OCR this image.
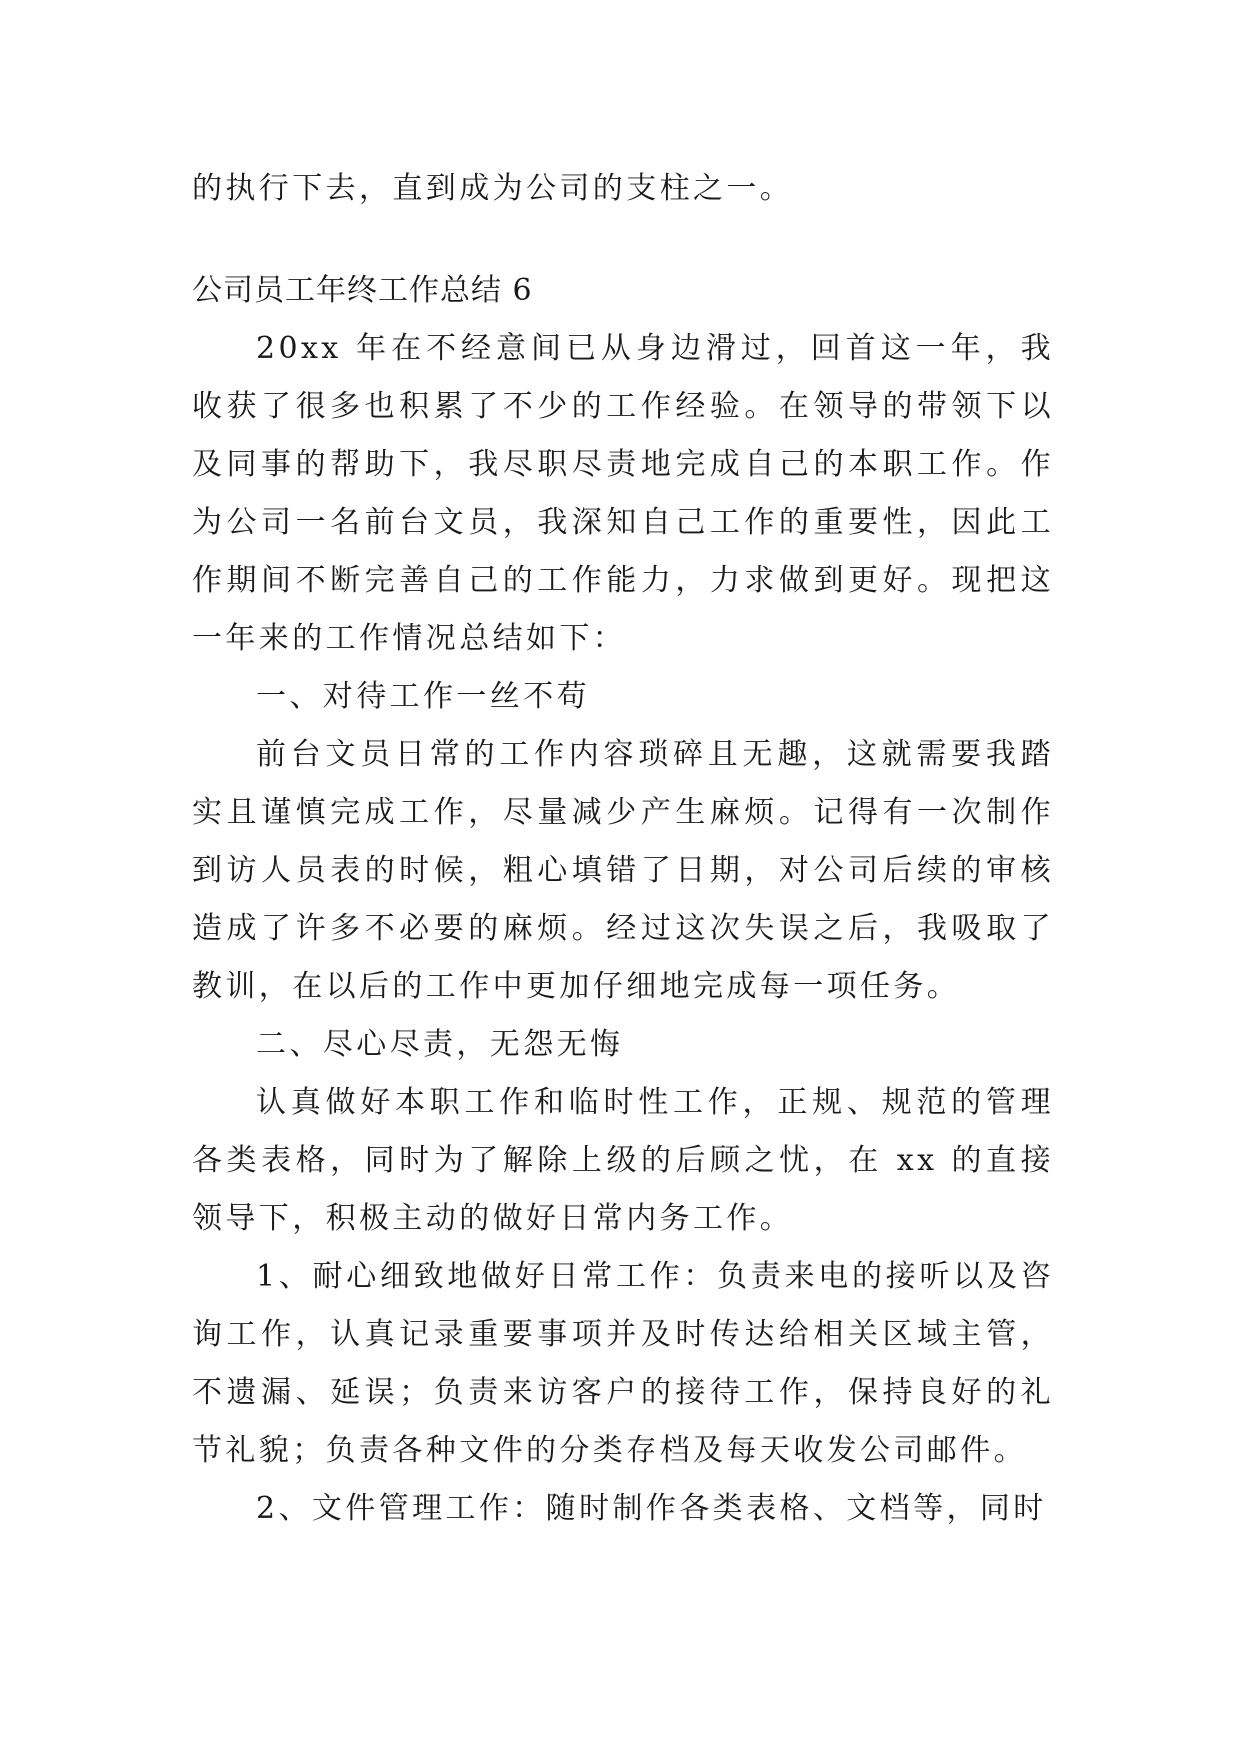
的执行下去，直到成为公司的支柱之一。

公司员工年终工作总结 6

20xx 年在不经意间已从身边滑过，回首这一年，我收获了很多也积累了不少的工作经验。在领导的带领下以及同事的帮助下，我尽职尽责地完成自己的本职工作。作为公司一名前台文员，我深知自己工作的重要性，因此工作期间不断完善自己的工作能力，力求做到更好。现把这一年来的工作情况总结如下：

一、对待工作一丝不苟

前台文员日常的工作内容琐碎且无趣，这就需要我踏实且谨慎完成工作，尽量减少产生麻烦。记得有一次制作到访人员表的时候，粗心填错了日期，对公司后续的审核造成了许多不必要的麻烦。经过这次失误之后，我吸取了教训，在以后的工作中更加仔细地完成每一项任务。

二、尽心尽责，无怨无悔

认真做好本职工作和临时性工作，正规、规范的管理各类表格，同时为了解除上级的后顾之忧，在 xx 的直接领导下，积极主动的做好日常内务工作。

1、耐心细致地做好日常工作：负责来电的接听以及咨询工作，认真记录重要事项并及时传达给相关区域主管，不遗漏、延误；负责来访客户的接待工作，保持良好的礼节礼貌；负责各种文件的分类存档及每天收发公司邮件。

2、文件管理工作：随时制作各类表格、文档等，同时
